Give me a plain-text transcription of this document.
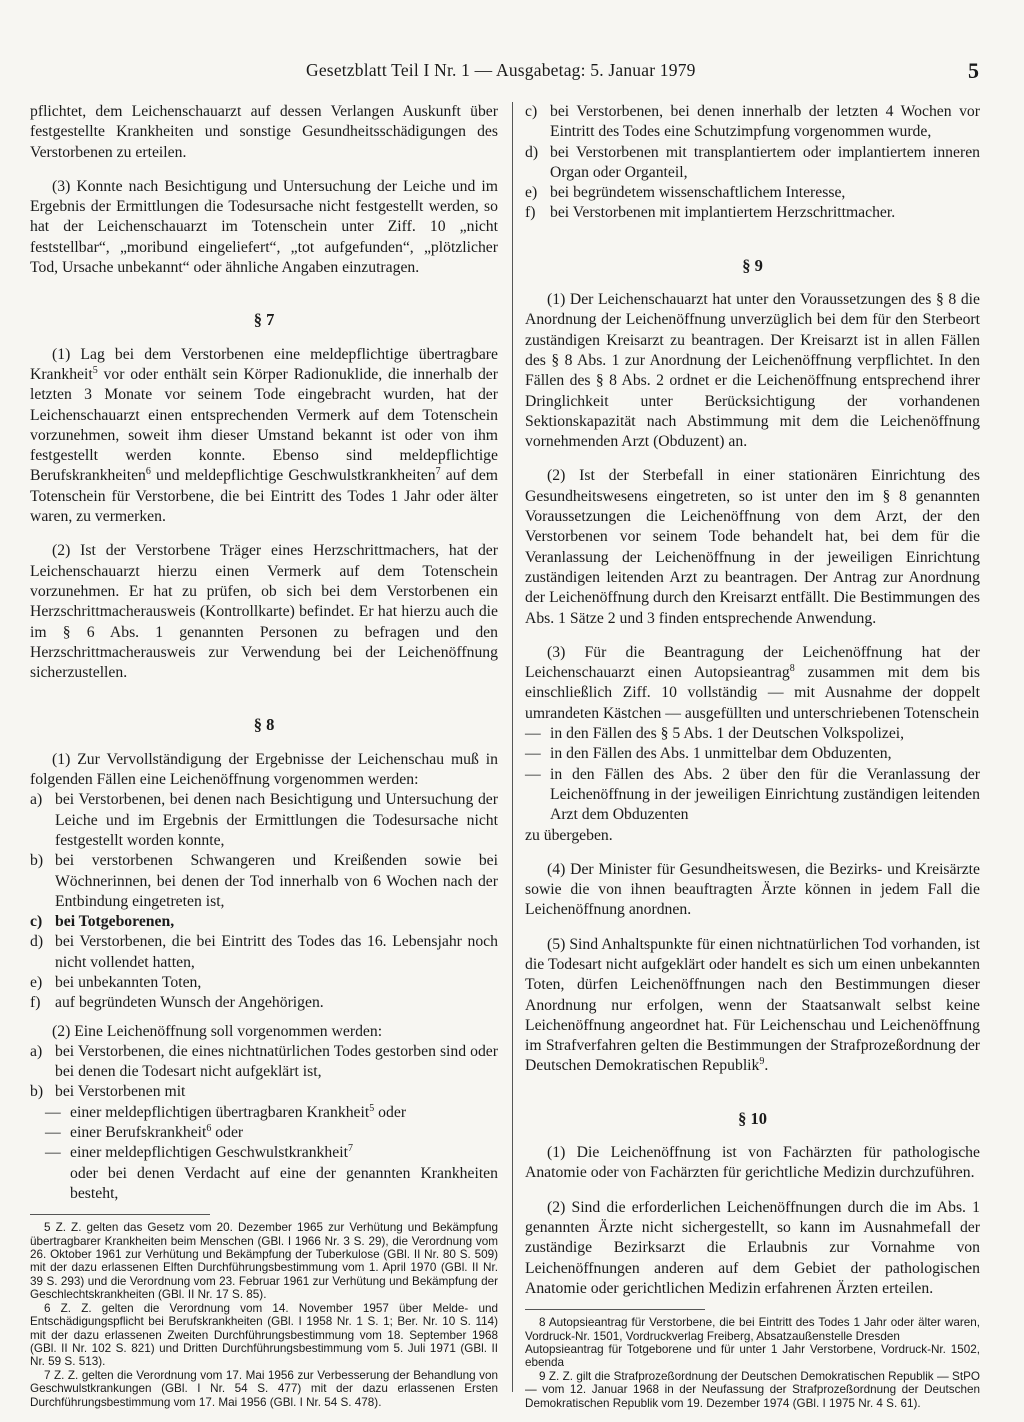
Gesetzblatt Teil I Nr. 1 — Ausgabetag: 5. Januar 1979	5

pflichtet, dem Leichenschauarzt auf dessen Verlangen Auskunft über festgestellte Krankheiten und sonstige Gesundheitsschädigungen des Verstorbenen zu erteilen.

(3) Konnte nach Besichtigung und Untersuchung der Leiche und im Ergebnis der Ermittlungen die Todesursache nicht festgestellt werden, so hat der Leichenschauarzt im Totenschein unter Ziff. 10 „nicht feststellbar“, „moribund eingeliefert“, „tot aufgefunden“, „plötzlicher Tod, Ursache unbekannt“ oder ähnliche Angaben einzutragen.

§ 7

(1) Lag bei dem Verstorbenen eine meldepflichtige übertragbare Krankheit$^5$ vor oder enthält sein Körper Radionuklide, die innerhalb der letzten 3 Monate vor seinem Tode eingebracht wurden, hat der Leichenschauarzt einen entsprechenden Vermerk auf dem Totenschein vorzunehmen, soweit ihm dieser Umstand bekannt ist oder von ihm festgestellt werden konnte. Ebenso sind meldepflichtige Berufskrankheiten$^6$ und meldepflichtige Geschwulstkrankheiten$^7$ auf dem Totenschein für Verstorbene, die bei Eintritt des Todes 1 Jahr oder älter waren, zu vermerken.

(2) Ist der Verstorbene Träger eines Herzschrittmachers, hat der Leichenschauarzt hierzu einen Vermerk auf dem Totenschein vorzunehmen. Er hat zu prüfen, ob sich bei dem Verstorbenen ein Herzschrittmacherausweis (Kontrollkarte) befindet. Er hat hierzu auch die im § 6 Abs. 1 genannten Personen zu befragen und den Herzschrittmacherausweis zur Verwendung bei der Leichenöffnung sicherzustellen.

§ 8

(1) Zur Vervollständigung der Ergebnisse der Leichenschau muß in folgenden Fällen eine Leichenöffnung vorgenommen werden:

a) bei Verstorbenen, bei denen nach Besichtigung und Untersuchung der Leiche und im Ergebnis der Ermittlungen die Todesursache nicht festgestellt worden konnte,
b) bei verstorbenen Schwangeren und Kreißenden sowie bei Wöchnerinnen, bei denen der Tod innerhalb von 6 Wochen nach der Entbindung eingetreten ist,
c) bei Totgeborenen,
d) bei Verstorbenen, die bei Eintritt des Todes das 16. Lebensjahr noch nicht vollendet hatten,
e) bei unbekannten Toten,
f) auf begründeten Wunsch der Angehörigen.

(2) Eine Leichenöffnung soll vorgenommen werden:

a) bei Verstorbenen, die eines nichtnatürlichen Todes gestorben sind oder bei denen die Todesart nicht aufgeklärt ist,
b) bei Verstorbenen mit
— einer meldepflichtigen übertragbaren Krankheit$^5$ oder
— einer Berufskrankheit$^6$ oder
— einer meldepflichtigen Geschwulstkrankheit$^7$

oder bei denen Verdacht auf eine der genannten Krankheiten besteht,

5 Z. Z. gelten das Gesetz vom 20. Dezember 1965 zur Verhütung und Bekämpfung übertragbarer Krankheiten beim Menschen (GBl. I 1966 Nr. 3 S. 29), die Verordnung vom 26. Oktober 1961 zur Verhütung und Bekämpfung der Tuberkulose (GBl. II Nr. 80 S. 509) mit der dazu erlassenen Elften Durchführungsbestimmung vom 1. April 1970 (GBl. II Nr. 39 S. 293) und die Verordnung vom 23. Februar 1961 zur Verhütung und Bekämpfung der Geschlechtskrankheiten (GBl. II Nr. 17 S. 85).

6 Z. Z. gelten die Verordnung vom 14. November 1957 über Melde- und Entschädigungspflicht bei Berufskrankheiten (GBl. I 1958 Nr. 1 S. 1; Ber. Nr. 10 S. 114) mit der dazu erlassenen Zweiten Durchführungsbestimmung vom 18. September 1968 (GBl. II Nr. 102 S. 821) und Dritten Durchführungsbestimmung vom 5. Juli 1971 (GBl. II Nr. 59 S. 513).

7 Z. Z. gelten die Verordnung vom 17. Mai 1956 zur Verbesserung der Behandlung von Geschwulstkrankungen (GBl. I Nr. 54 S. 477) mit der dazu erlassenen Ersten Durchführungsbestimmung vom 17. Mai 1956 (GBl. I Nr. 54 S. 478).

c) bei Verstorbenen, bei denen innerhalb der letzten 4 Wochen vor Eintritt des Todes eine Schutzimpfung vorgenommen wurde,
d) bei Verstorbenen mit transplantiertem oder implantiertem inneren Organ oder Organteil,
e) bei begründetem wissenschaftlichem Interesse,
f) bei Verstorbenen mit implantiertem Herzschrittmacher.
§ 9

(1) Der Leichenschauarzt hat unter den Voraussetzungen des § 8 die Anordnung der Leichenöffnung unverzüglich bei dem für den Sterbeort zuständigen Kreisarzt zu beantragen. Der Kreisarzt ist in allen Fällen des § 8 Abs. 1 zur Anordnung der Leichenöffnung verpflichtet. In den Fällen des § 8 Abs. 2 ordnet er die Leichenöffnung entsprechend ihrer Dringlichkeit unter Berücksichtigung der vorhandenen Sektionskapazität nach Abstimmung mit dem die Leichenöffnung vornehmenden Arzt (Obduzent) an.

(2) Ist der Sterbefall in einer stationären Einrichtung des Gesundheitswesens eingetreten, so ist unter den im § 8 genannten Voraussetzungen die Leichenöffnung von dem Arzt, der den Verstorbenen vor seinem Tode behandelt hat, bei dem für die Veranlassung der Leichenöffnung in der jeweiligen Einrichtung zuständigen leitenden Arzt zu beantragen. Der Antrag zur Anordnung der Leichenöffnung durch den Kreisarzt entfällt. Die Bestimmungen des Abs. 1 Sätze 2 und 3 finden entsprechende Anwendung.

(3) Für die Beantragung der Leichenöffnung hat der Leichenschauarzt einen Autopsieantrag$^8$ zusammen mit dem bis einschließlich Ziff. 10 vollständig — mit Ausnahme der doppelt umrandeten Kästchen — ausgefüllten und unterschriebenen Totenschein

— in den Fällen des § 5 Abs. 1 der Deutschen Volkspolizei,
— in den Fällen des Abs. 1 unmittelbar dem Obduzenten,
— in den Fällen des Abs. 2 über den für die Veranlassung der Leichenöffnung in der jeweiligen Einrichtung zuständigen leitenden Arzt dem Obduzenten

zu übergeben.

(4) Der Minister für Gesundheitswesen, die Bezirks- und Kreisärzte sowie die von ihnen beauftragten Ärzte können in jedem Fall die Leichenöffnung anordnen.

(5) Sind Anhaltspunkte für einen nichtnatürlichen Tod vorhanden, ist die Todesart nicht aufgeklärt oder handelt es sich um einen unbekannten Toten, dürfen Leichenöffnungen nach den Bestimmungen dieser Anordnung nur erfolgen, wenn der Staatsanwalt selbst keine Leichenöffnung angeordnet hat. Für Leichenschau und Leichenöffnung im Strafverfahren gelten die Bestimmungen der Strafprozeßordnung der Deutschen Demokratischen Republik$^9$.

§ 10

(1) Die Leichenöffnung ist von Fachärzten für pathologische Anatomie oder von Fachärzten für gerichtliche Medizin durchzuführen.

(2) Sind die erforderlichen Leichenöffnungen durch die im Abs. 1 genannten Ärzte nicht sichergestellt, so kann im Ausnahmefall der zuständige Bezirksarzt die Erlaubnis zur Vornahme von Leichenöffnungen anderen auf dem Gebiet der pathologischen Anatomie oder gerichtlichen Medizin erfahrenen Ärzten erteilen.

8 Autopsieantrag für Verstorbene, die bei Eintritt des Todes 1 Jahr oder älter waren, Vordruck-Nr. 1501, Vordruckverlag Freiberg, Absatzaußenstelle Dresden

Autopsieantrag für Totgeborene und für unter 1 Jahr Verstorbene, Vordruck-Nr. 1502, ebenda

9 Z. Z. gilt die Strafprozeßordnung der Deutschen Demokratischen Republik — StPO — vom 12. Januar 1968 in der Neufassung der Strafprozeßordnung der Deutschen Demokratischen Republik vom 19. Dezember 1974 (GBl. I 1975 Nr. 4 S. 61).
